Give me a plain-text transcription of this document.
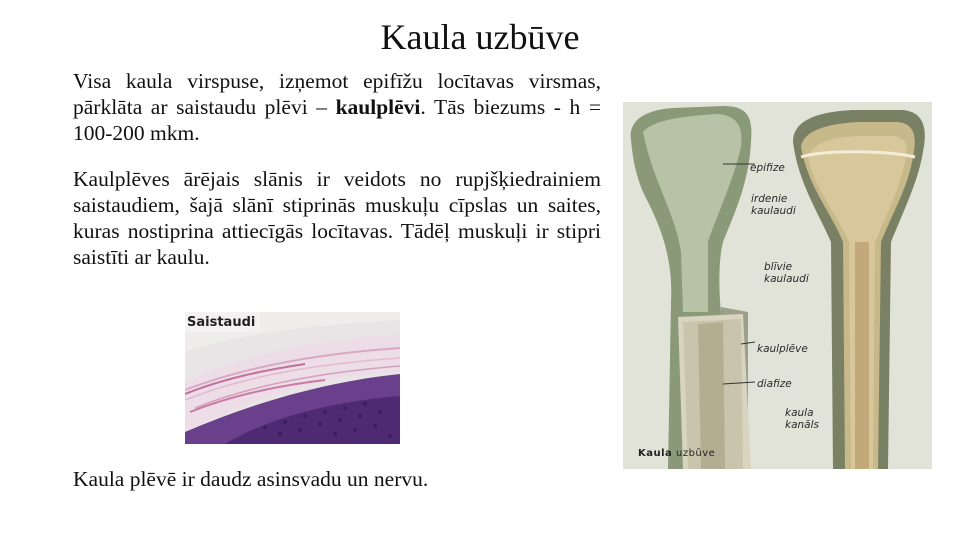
Kaula uzbūve

Visa kaula virspuse, izņemot epifīžu locītavas virsmas, pārklāta ar saistaudu plēvi – kaulplēvi. Tās biezums - h = 100-200 mkm.

Kaulplēves ārējais slānis ir veidots no rupjšķiedrainiem saistaudiem, šajā slānī stiprinās muskuļu cīpslas un saites, kuras nostiprina attiecīgās locītavas. Tādēļ muskuļi ir stipri saistīti ar kaulu.

Saistaudi
epifize
irdenie
kaulaudi
blīvie
kaulaudi
kaulplēve
diafize
kaula
kanāls
Kaula uzbūve

Kaula plēvē ir daudz asinsvadu un nervu.
